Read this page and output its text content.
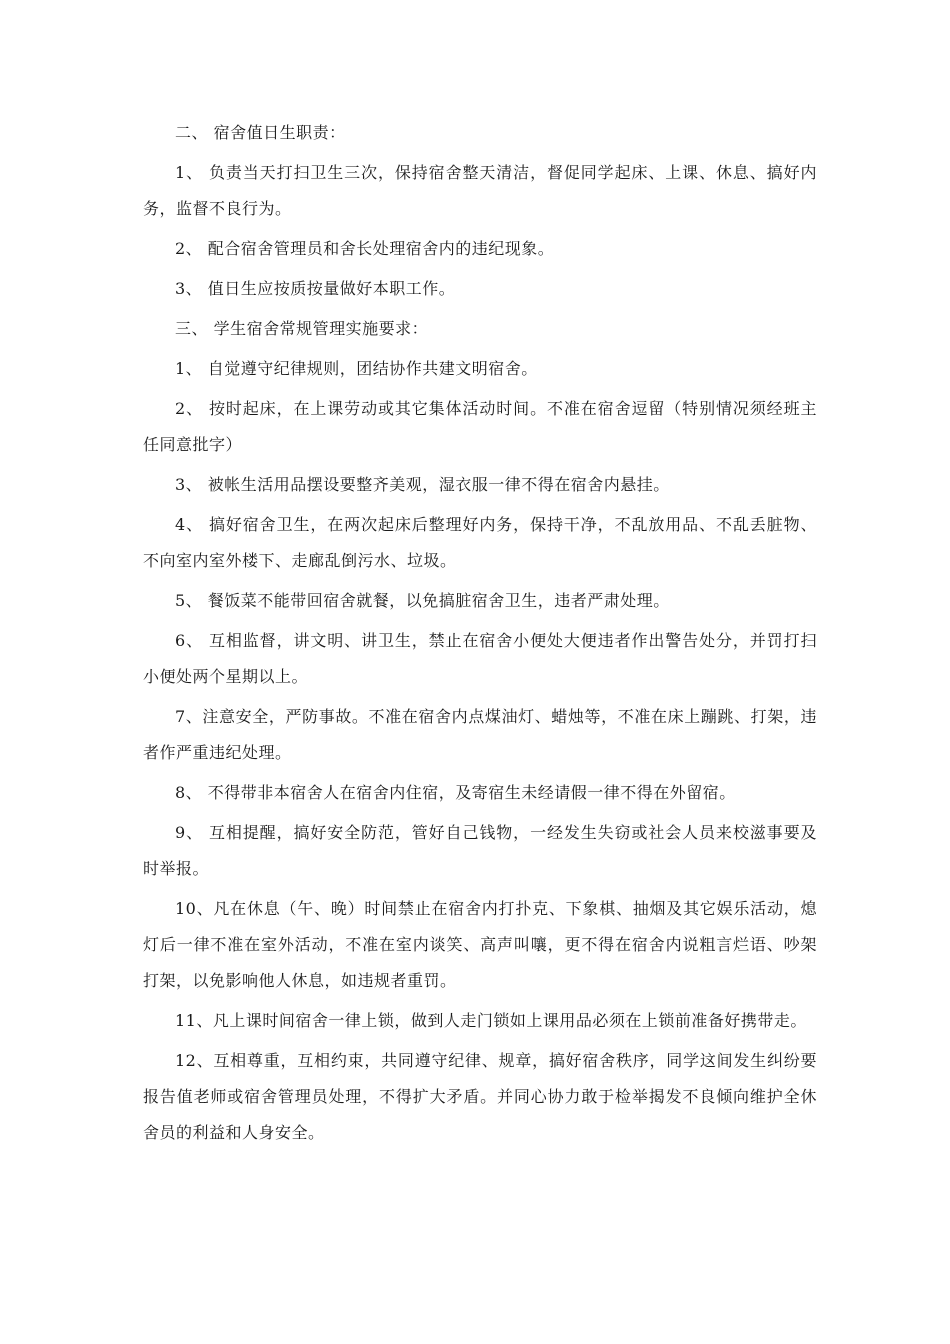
二、 宿舍值日生职责：

1、 负责当天打扫卫生三次，保持宿舍整天清洁，督促同学起床、上课、休息、搞好内务，监督不良行为。

2、 配合宿舍管理员和舍长处理宿舍内的违纪现象。

3、 值日生应按质按量做好本职工作。

三、 学生宿舍常规管理实施要求：

1、 自觉遵守纪律规则，团结协作共建文明宿舍。

2、 按时起床，在上课劳动或其它集体活动时间。不准在宿舍逗留（特别情况须经班主任同意批字）

3、 被帐生活用品摆设要整齐美观，湿衣服一律不得在宿舍内悬挂。

4、 搞好宿舍卫生，在两次起床后整理好内务，保持干净，不乱放用品、不乱丢脏物、不向室内室外楼下、走廊乱倒污水、垃圾。

5、 餐饭菜不能带回宿舍就餐，以免搞脏宿舍卫生，违者严肃处理。

6、 互相监督，讲文明、讲卫生，禁止在宿舍小便处大便违者作出警告处分，并罚打扫小便处两个星期以上。

7、注意安全，严防事故。不准在宿舍内点煤油灯、蜡烛等，不准在床上蹦跳、打架，违者作严重违纪处理。

8、 不得带非本宿舍人在宿舍内住宿，及寄宿生未经请假一律不得在外留宿。

9、 互相提醒，搞好安全防范，管好自己钱物，一经发生失窃或社会人员来校滋事要及时举报。

10、凡在休息（午、晚）时间禁止在宿舍内打扑克、下象棋、抽烟及其它娱乐活动，熄灯后一律不准在室外活动，不准在室内谈笑、高声叫嚷，更不得在宿舍内说粗言烂语、吵架打架，以免影响他人休息，如违规者重罚。

11、凡上课时间宿舍一律上锁，做到人走门锁如上课用品必须在上锁前准备好携带走。

12、互相尊重，互相约束，共同遵守纪律、规章，搞好宿舍秩序，同学这间发生纠纷要报告值老师或宿舍管理员处理，不得扩大矛盾。并同心协力敢于检举揭发不良倾向维护全休舍员的利益和人身安全。
